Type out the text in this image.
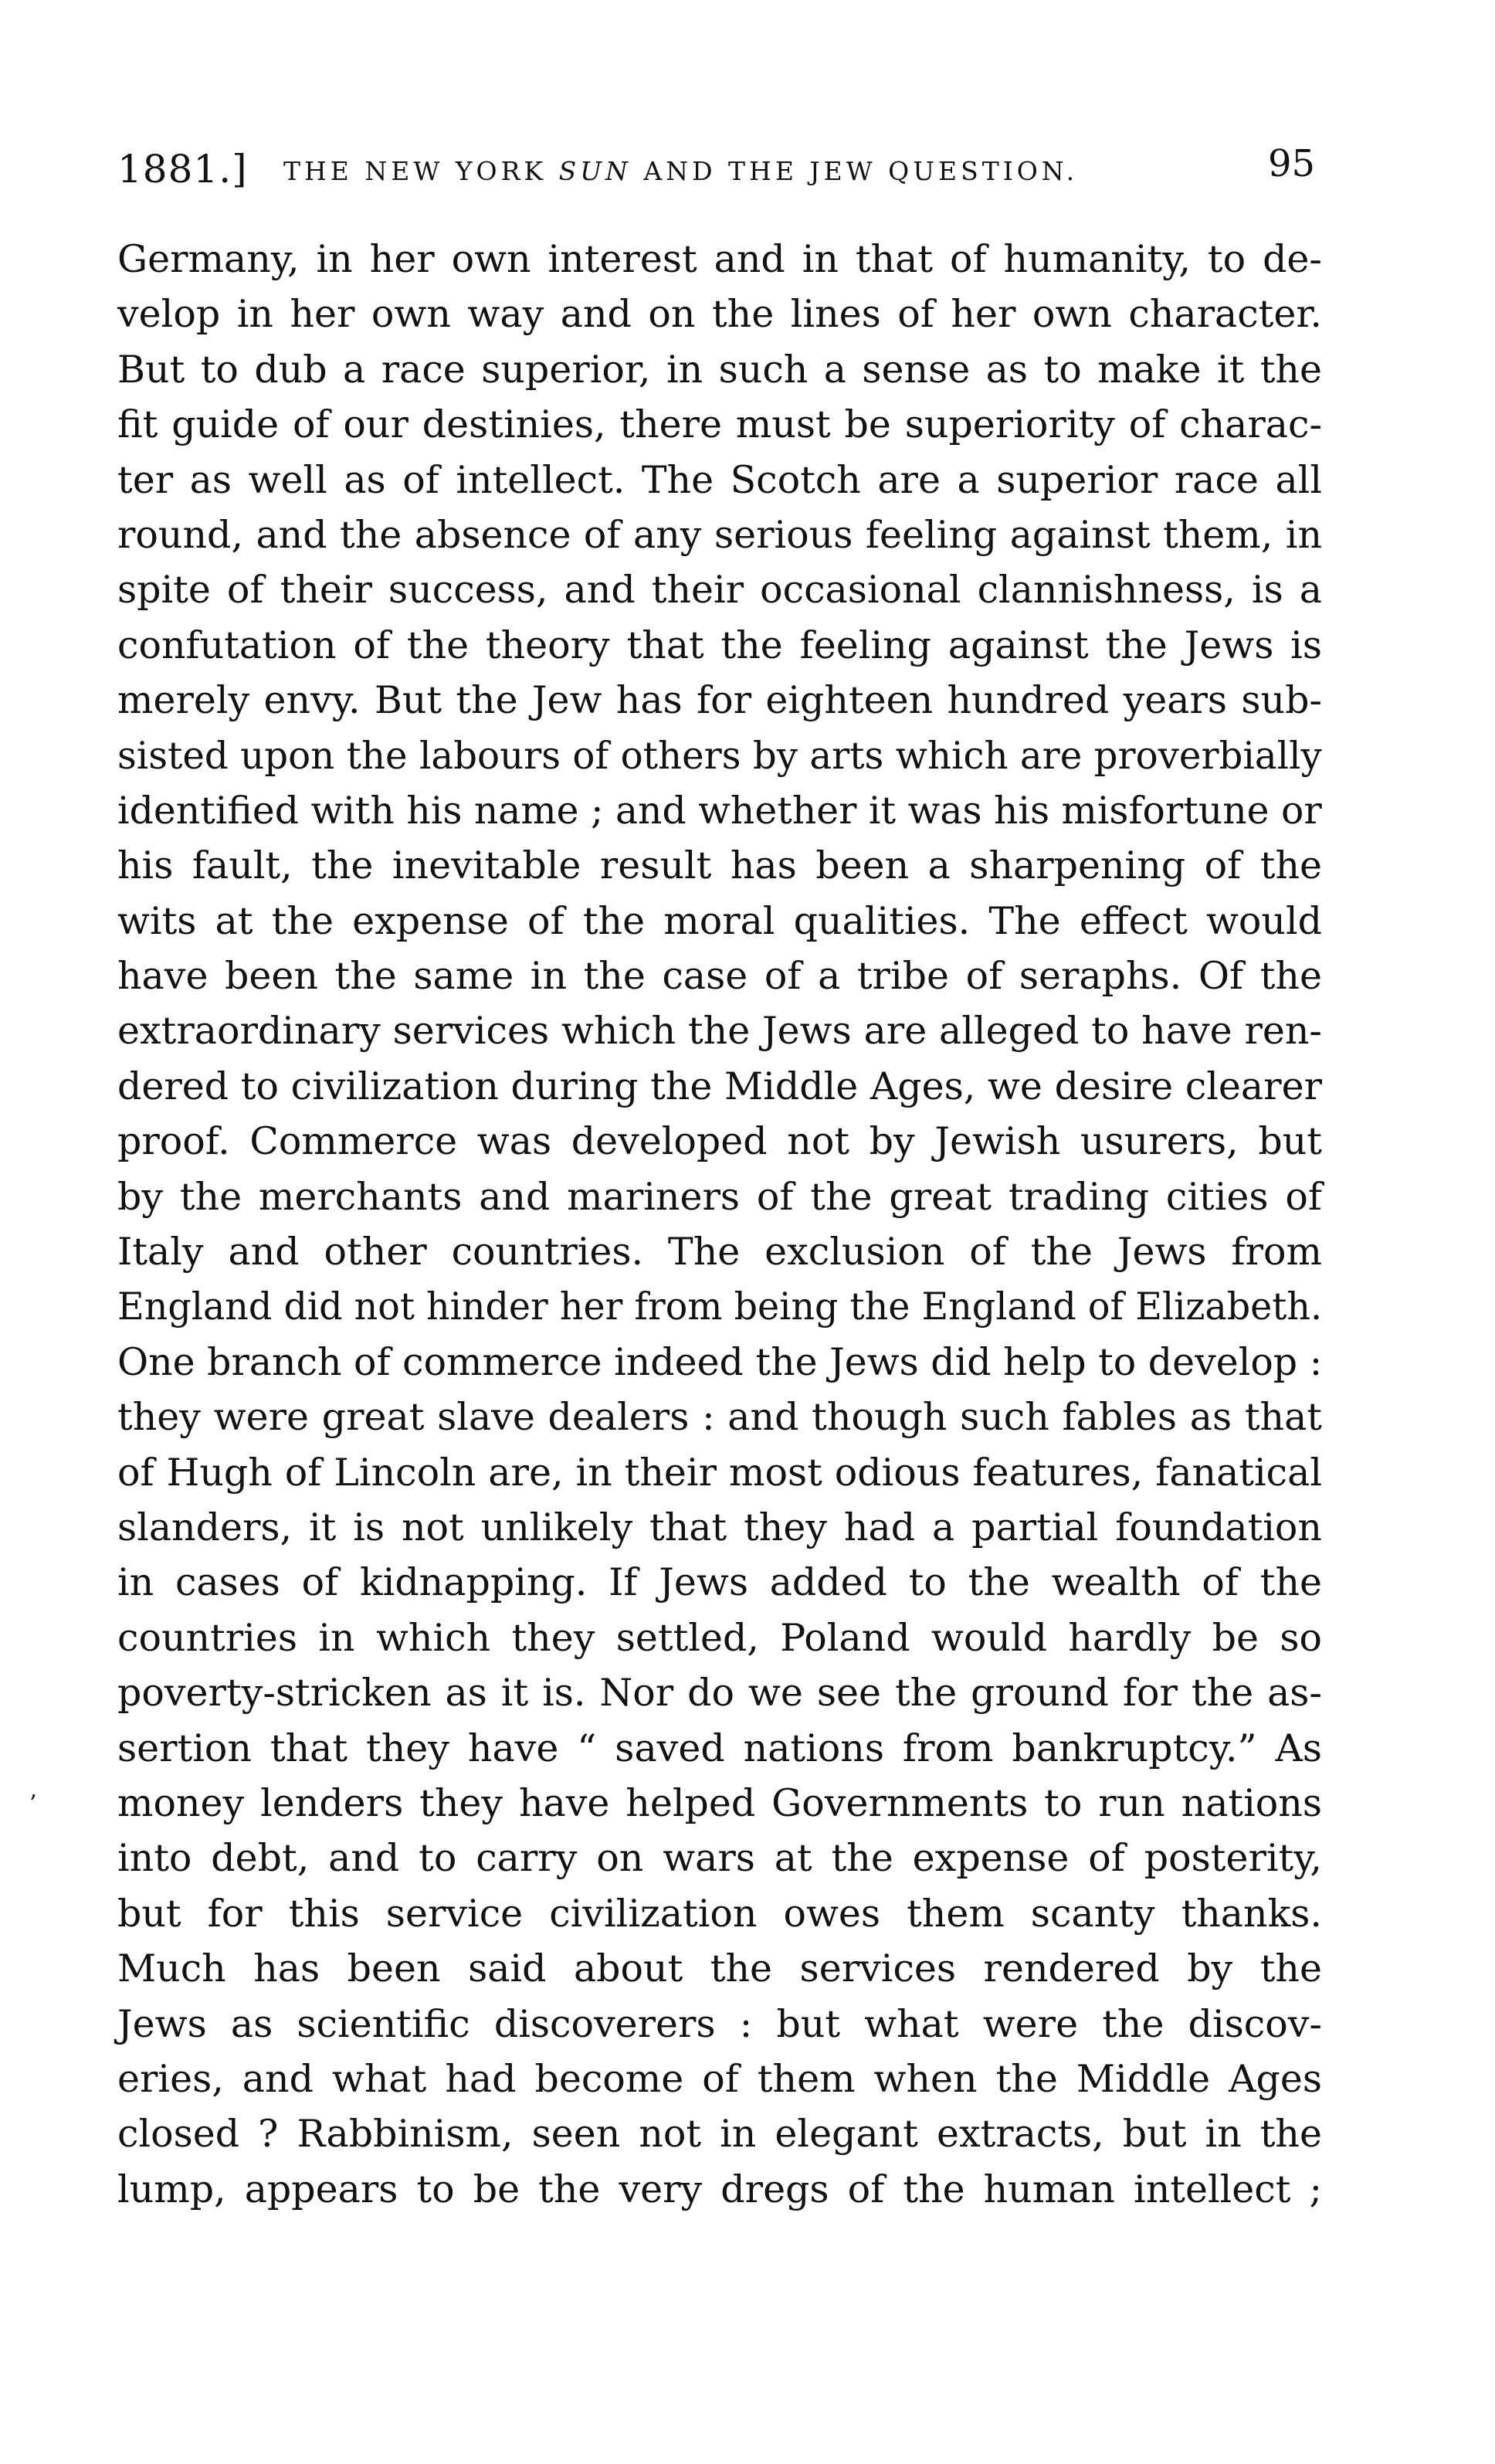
1881.] THE NEW YORK SUN AND THE JEW QUESTION.	95
Germany, in her own interest and in that of humanity, to de-
velop in her own way and on the lines of her own character.
But to dub a race superior, in such a sense as to make it the
fit guide of our destinies, there must be superiority of charac-
ter as well as of intellect. The Scotch are a superior race all
round, and the absence of any serious feeling against them, in
spite of their success, and their occasional clannishness, is a
confutation of the theory that the feeling against the Jews is
merely envy. But the Jew has for eighteen hundred years sub-
sisted upon the labours of others by arts which are proverbially
identified with his name ; and whether it was his misfortune or
his fault, the inevitable result has been a sharpening of the
wits at the expense of the moral qualities. The effect would
have been the same in the case of a tribe of seraphs. Of the
extraordinary services which the Jews are alleged to have ren-
dered to civilization during the Middle Ages, we desire clearer
proof. Commerce was developed not by Jewish usurers, but
by the merchants and mariners of the great trading cities of
Italy and other countries. The exclusion of the Jews from
England did not hinder her from being the England of Elizabeth.
One branch of commerce indeed the Jews did help to develop :
they were great slave dealers : and though such fables as that
of Hugh of Lincoln are, in their most odious features, fanatical
slanders, it is not unlikely that they had a partial foundation
in cases of kidnapping. If Jews added to the wealth of the
countries in which they settled, Poland would hardly be so
poverty-stricken as it is. Nor do we see the ground for the as-
sertion that they have “ saved nations from bankruptcy.” As
money lenders they have helped Governments to run nations
into debt, and to carry on wars at the expense of posterity,
but for this service civilization owes them scanty thanks.
Much has been said about the services rendered by the
Jews as scientific discoverers : but what were the discov-
eries, and what had become of them when the Middle Ages
closed ? Rabbinism, seen not in elegant extracts, but in the
lump, appears to be the very dregs of the human intellect ;
’
